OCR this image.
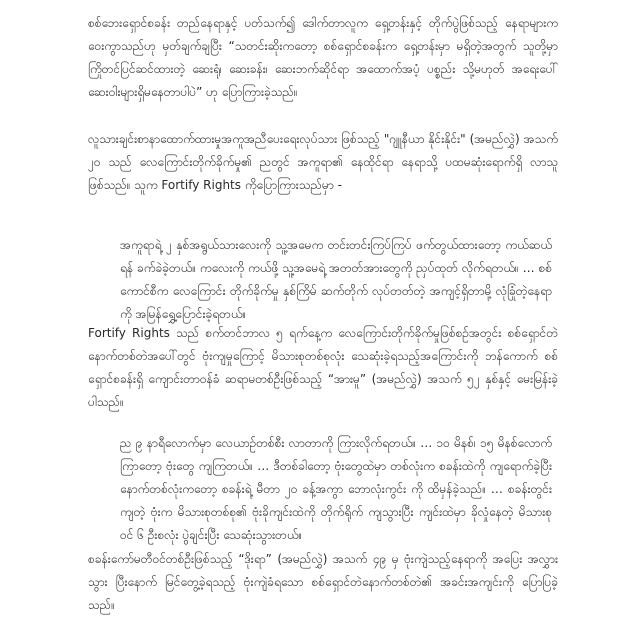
စစ်ဘေးရှောင်စခန်း တည်နေရာနှင့် ပတ်သက်၍ ဒေါက်တာလူက ရှေ့တန်းနှင့် တိုက်ပွဲဖြစ်သည့် နေရာများက ဝေးကွာသည်ဟု မှတ်ချက်ချပြီး “သတင်းဆိုးကတော့ စစ်ရှောင်စခန်းက ရှေ့တန်းမှာ မရှိတဲ့အတွက် သူတို့မှာ ကြိုတင်ပြင်ဆင်ထားတဲ့ ဆေးရုံ၊ ဆေးခန်း၊ ဆေးဘက်ဆိုင်ရာ အထောက်အပံ့ ပစ္စည်း သို့မဟုတ် အရေးပေါ်ဆေးဝါးများရှိမနေတာပါပဲ” ဟု ပြောကြားခဲ့သည်။

လူသားချင်းစာနာထောက်ထားမှုအကူအညီပေးရေးလုပ်သား ဖြစ်သည့် "ဂျူနီယာ နိုင်းနိုင်း" (အမည်လွှဲ) အသက် ၂၀ သည် လေကြောင်းတိုက်ခိုက်မှု၏ ညတွင် အကူရာ၏ နေထိုင်ရာ နေရာသို့ ပထမဆုံးရောက်ရှိ လာသူဖြစ်သည်။ သူက Fortify Rights ကိုပြောကြားသည်မှာ -

အကူရာရဲ့ ၂ နှစ်အရွယ်သားလေးကို သူ့အမေက တင်းတင်းကြပ်ကြပ် ဖက်တွယ်ထားတော့ ကယ်ဆယ်ရန် ခက်ခဲခဲ့တယ်။ ကလေးကို ကယ်ဖို့ သူ့အမေရဲ့ အတတ်အားတွေကို ညှပ်ထုတ် လိုက်ရတယ်။ … စစ်ကောင်စီက လေကြောင်း တိုက်ခိုက်မှု နှစ်ကြိမ် ဆက်တိုက် လုပ်တတ်တဲ့ အကျင့်ရှိတာမို့ လုံခြုံတဲ့နေရာကို အမြန်ရွှေ့ပြောင်းခဲ့ရတယ်။

Fortify Rights သည် စက်တင်ဘာလ ၅ ရက်နေ့က လေကြောင်းတိုက်ခိုက်မှုဖြစ်စဉ်အတွင်း စစ်ရှောင်တဲ နောက်တစ်တဲအပေါ်တွင် ဗုံးကျမှုကြောင့် မိသားစုတစ်စုလုံး သေဆုံးခဲ့ရသည့်အကြောင်းကို ဘန်ကောက် စစ်ရှောင်စခန်းရှိ ကျောင်းတာဝန်ခံ ဆရာမတစ်ဦးဖြစ်သည့် “အားမူ” (အမည်လွှဲ) အသက် ၅၂ နှစ်နှင့် မေးမြန်းခဲ့ပါသည်။

ည ၉ နာရီလောက်မှာ လေယာဉ်တစ်စီး လာတာကို ကြားလိုက်ရတယ်။ … ၁၀ မိနစ်၊ ၁၅ မိနစ်လောက်ကြာတော့ ဗုံးတွေ ကျကြတယ်။ … ဒီတစ်ခါတော့ ဗုံးတွေထဲမှာ တစ်လုံးက စခန်းထဲကို ကျရောက်ခဲ့ပြီး နောက်တစ်လုံးကတော့ စခန်းရဲ့ မီတာ ၂၀ ခန့်အကွာ ဘောလုံးကွင်း ကို ထိမှန်ခဲ့သည်။ … စခန်းတွင်းကျတဲ့ ဗုံးက မိသားစုတစ်စု၏ ဗုံးခိုကျင်းထဲကို တိုက်ရိုက် ကျသွားပြီး ကျင်းထဲမှာ ခိုလှုံနေတဲ့ မိသားစုဝင် ၆ ဦးစလုံး ပွဲချင်းပြီး သေဆုံးသွားတယ်။

စခန်းကော်မတီဝင်တစ်ဦးဖြစ်သည့် “ဒိုးရာ” (အမည်လွှဲ) အသက် ၄၉ မှ ဗုံးကျဲသည့်နေရာကို အပြေး အလွှားသွား ပြီးနောက် မြင်တွေ့ခဲ့ရသည့် ဗုံးကျဲခံရသော စစ်ရှောင်တဲနောက်တစ်တဲ၏ အခင်းအကျင်းကို ပြောပြခဲ့သည်။
